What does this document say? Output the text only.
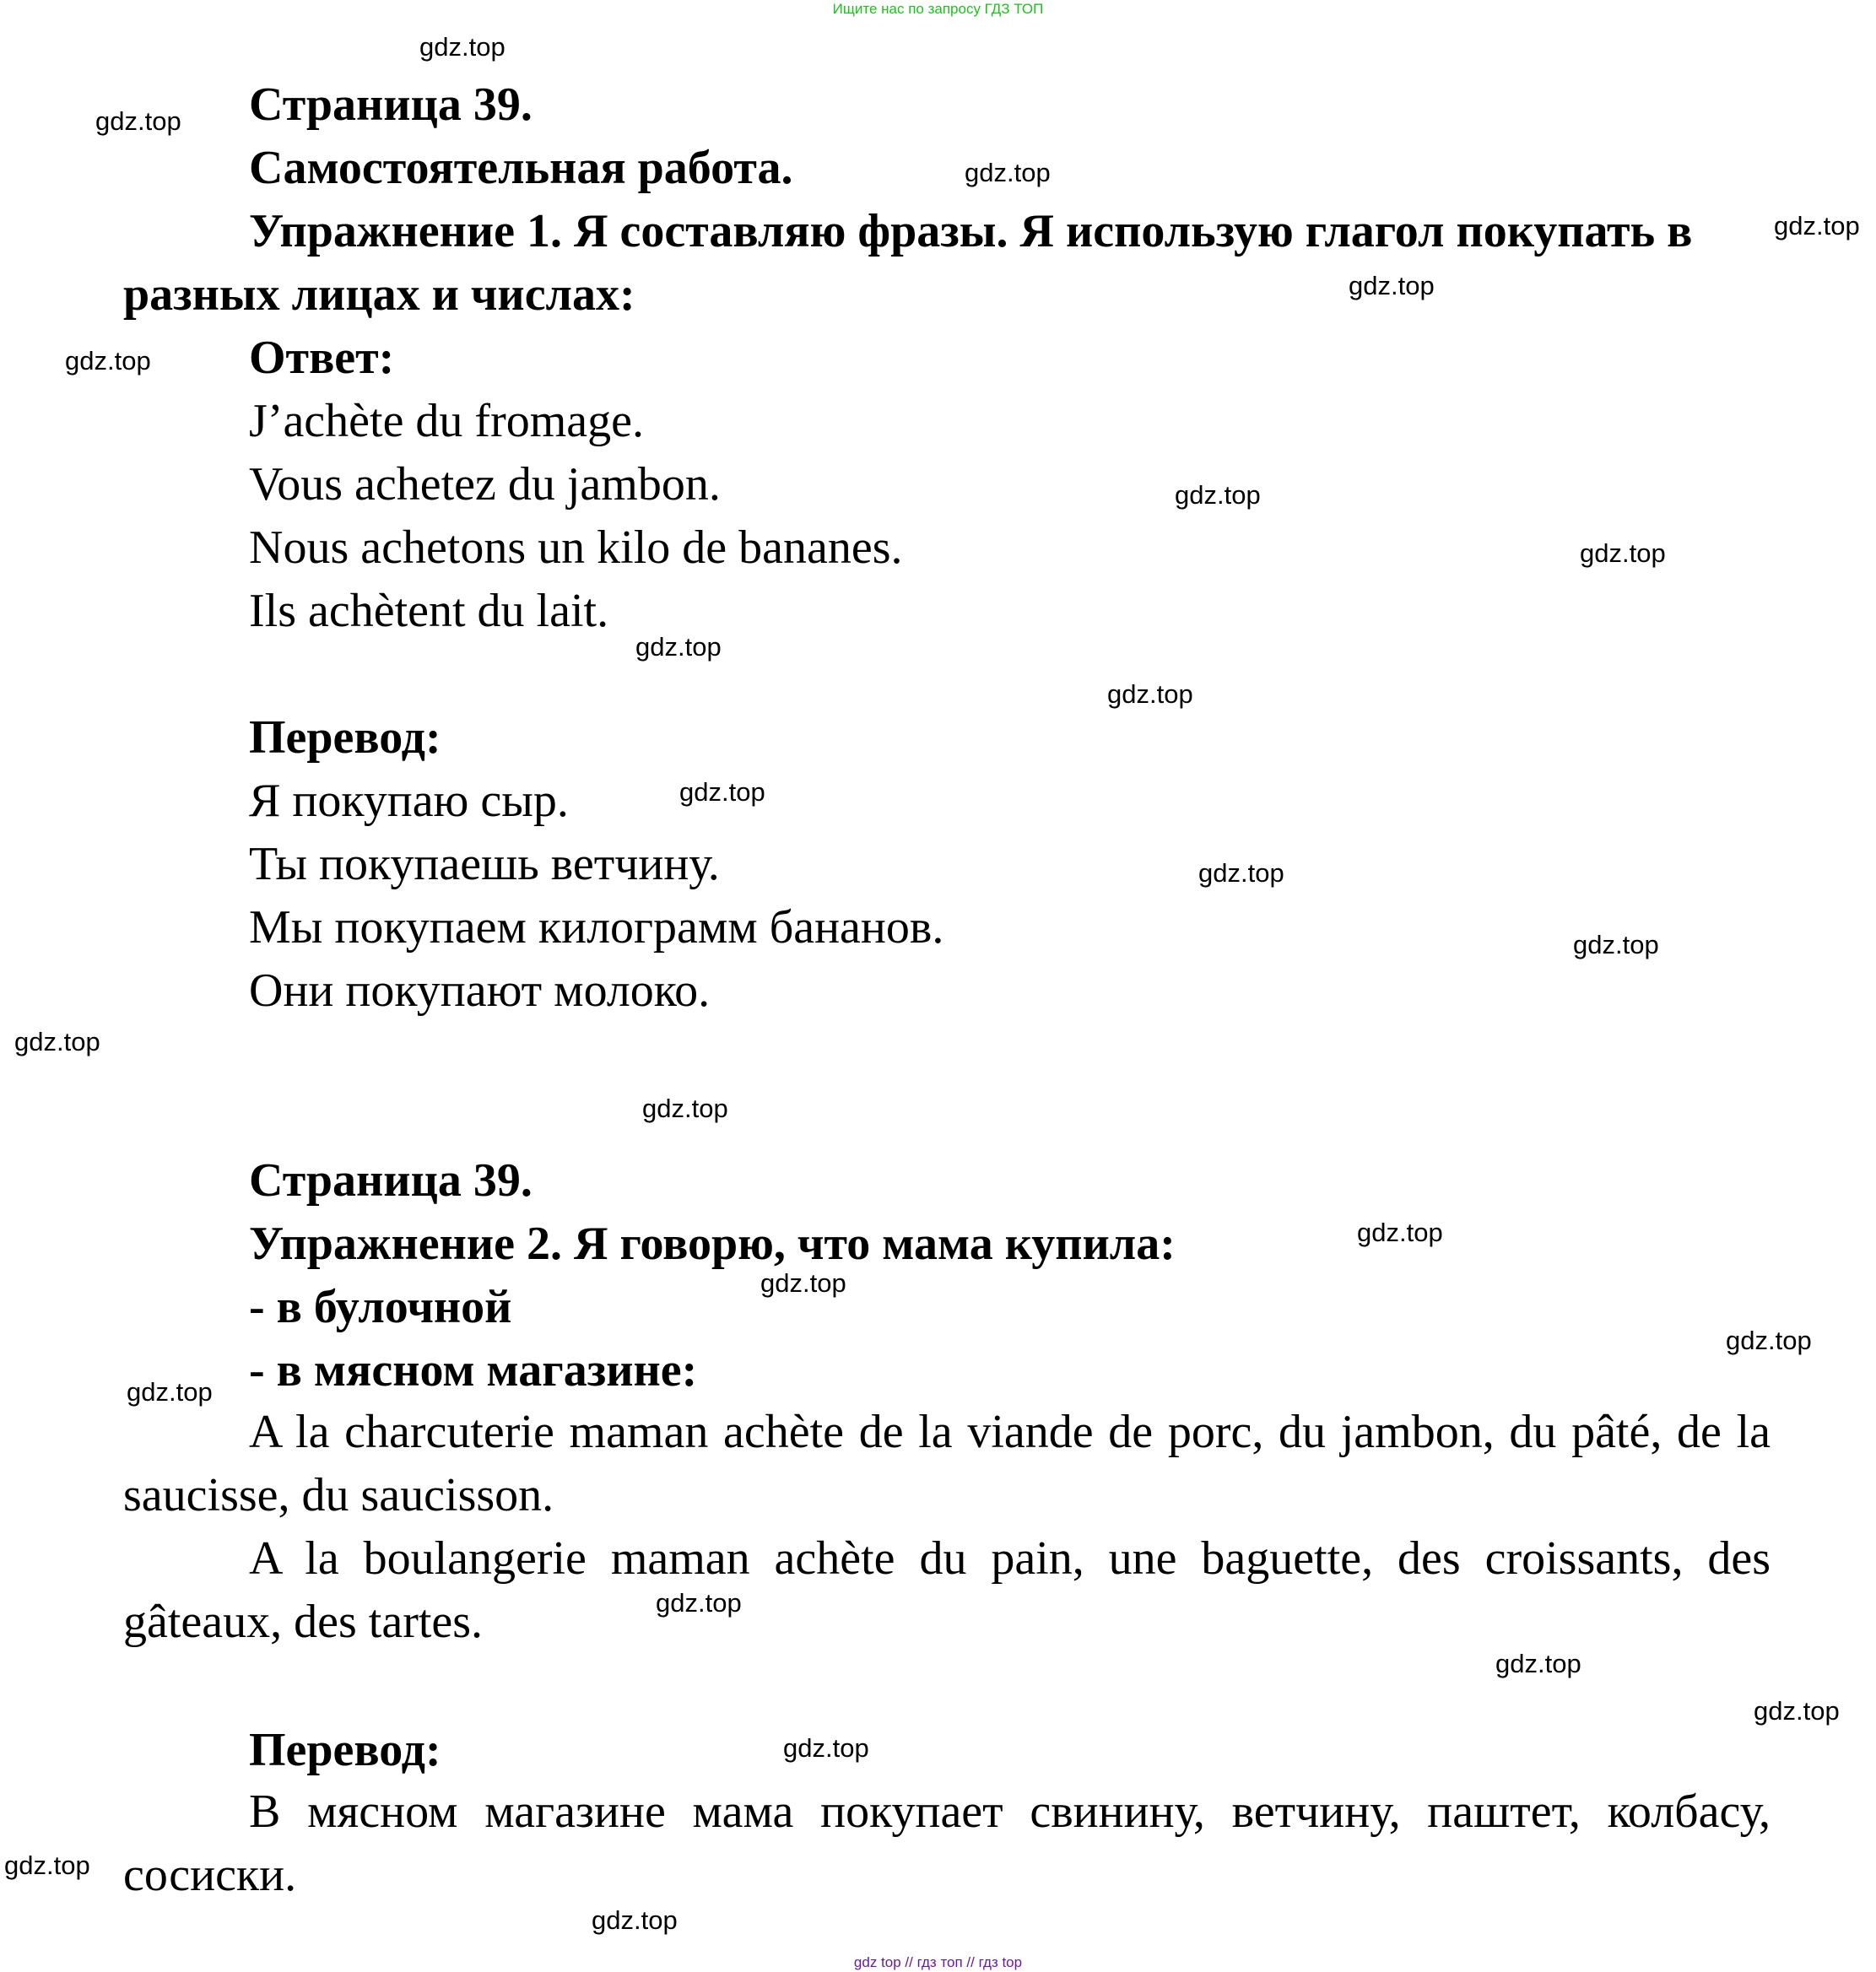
Ищите нас по запросу ГДЗ ТОП
Страница 39.
Самостоятельная работа.
Упражнение 1. Я составляю фразы. Я использую глагол покупать в
разных лицах и числах:
Ответ:
J’achète du fromage.
Vous achetez du jambon.
Nous achetons un kilo de bananes.
Ils achètent du lait.
Перевод:
Я покупаю сыр.
Ты покупаешь ветчину.
Мы покупаем килограмм бананов.
Они покупают молоко.
Страница 39.
Упражнение 2. Я говорю, что мама купила:
- в булочной
- в мясном магазине:

A la charcuterie maman achète de la viande de porc, du jambon, du pâté, de la saucisse, du saucisson.

A la boulangerie maman achète du pain, une baguette, des croissants, des gâteaux, des tartes.

Перевод:

В мясном магазине мама покупает свинину, ветчину, паштет, колбасу, сосиски.

gdz.top
gdz.top
gdz.top
gdz.top
gdz.top
gdz.top
gdz.top
gdz.top
gdz.top
gdz.top
gdz.top
gdz.top
gdz.top
gdz.top
gdz.top
gdz.top
gdz.top
gdz.top
gdz.top
gdz.top
gdz.top
gdz.top
gdz.top
gdz.top
gdz.top
gdz top // гдз топ // гдз top
